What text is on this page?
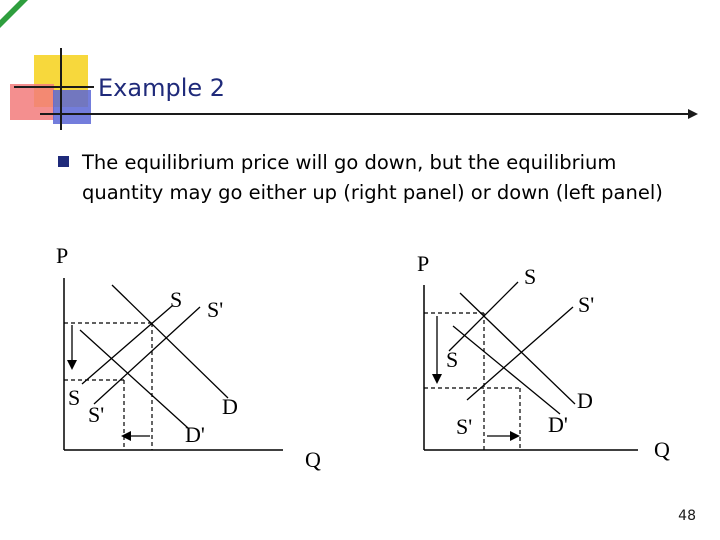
Example 2
The equilibrium price will go down, but the equilibrium quantity may go either up (right panel) or down (left panel)
P
Q
S S'
S
S'	D
D'
P
Q
S
S'
S
S'
D
D'
48
